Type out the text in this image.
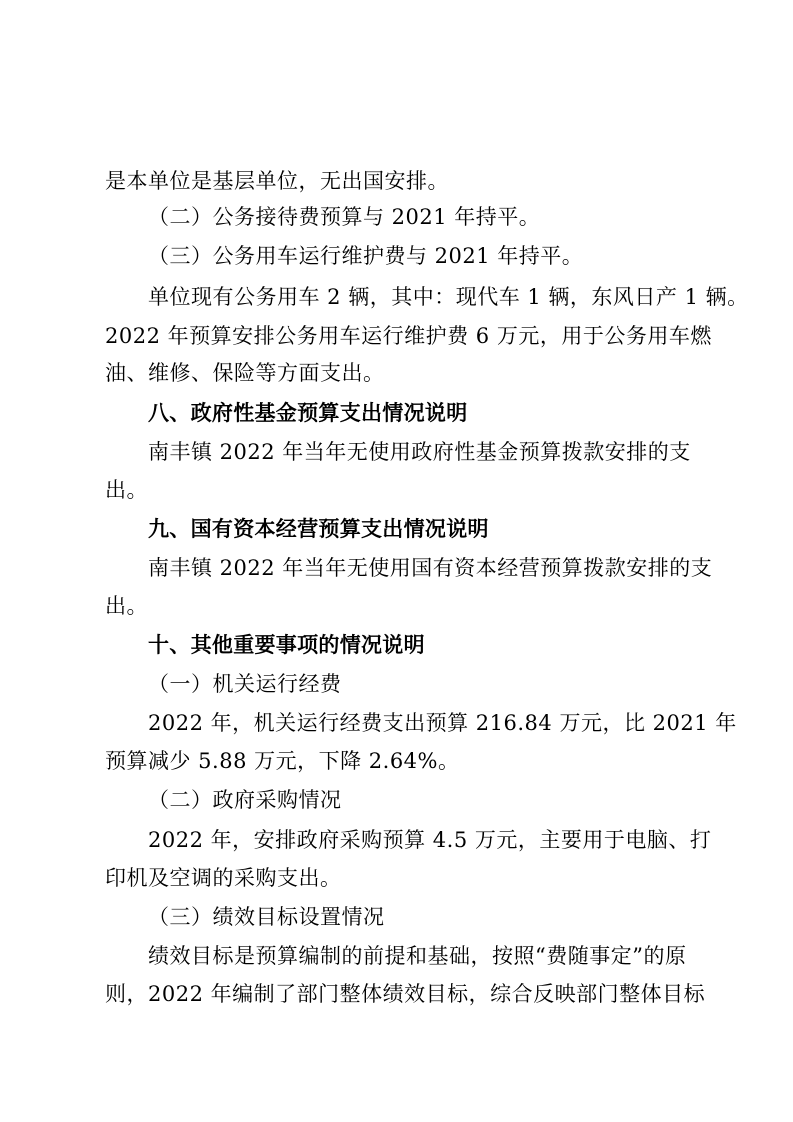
是本单位是基层单位，无出国安排。
（二）公务接待费预算与 2021 年持平。
（三）公务用车运行维护费与 2021 年持平。
单位现有公务用车 2 辆，其中：现代车 1 辆，东风日产 1 辆。
2022 年预算安排公务用车运行维护费 6 万元，用于公务用车燃
油、维修、保险等方面支出。
八、政府性基金预算支出情况说明
南丰镇 2022 年当年无使用政府性基金预算拨款安排的支
出。
九、国有资本经营预算支出情况说明
南丰镇 2022 年当年无使用国有资本经营预算拨款安排的支
出。
十、其他重要事项的情况说明
（一）机关运行经费
2022 年，机关运行经费支出预算 216.84 万元，比 2021 年
预算减少 5.88 万元，下降 2.64%。
（二）政府采购情况
2022 年，安排政府采购预算 4.5 万元，主要用于电脑、打
印机及空调的采购支出。
（三）绩效目标设置情况
绩效目标是预算编制的前提和基础，按照“费随事定”的原
则，2022 年编制了部门整体绩效目标，综合反映部门整体目标
